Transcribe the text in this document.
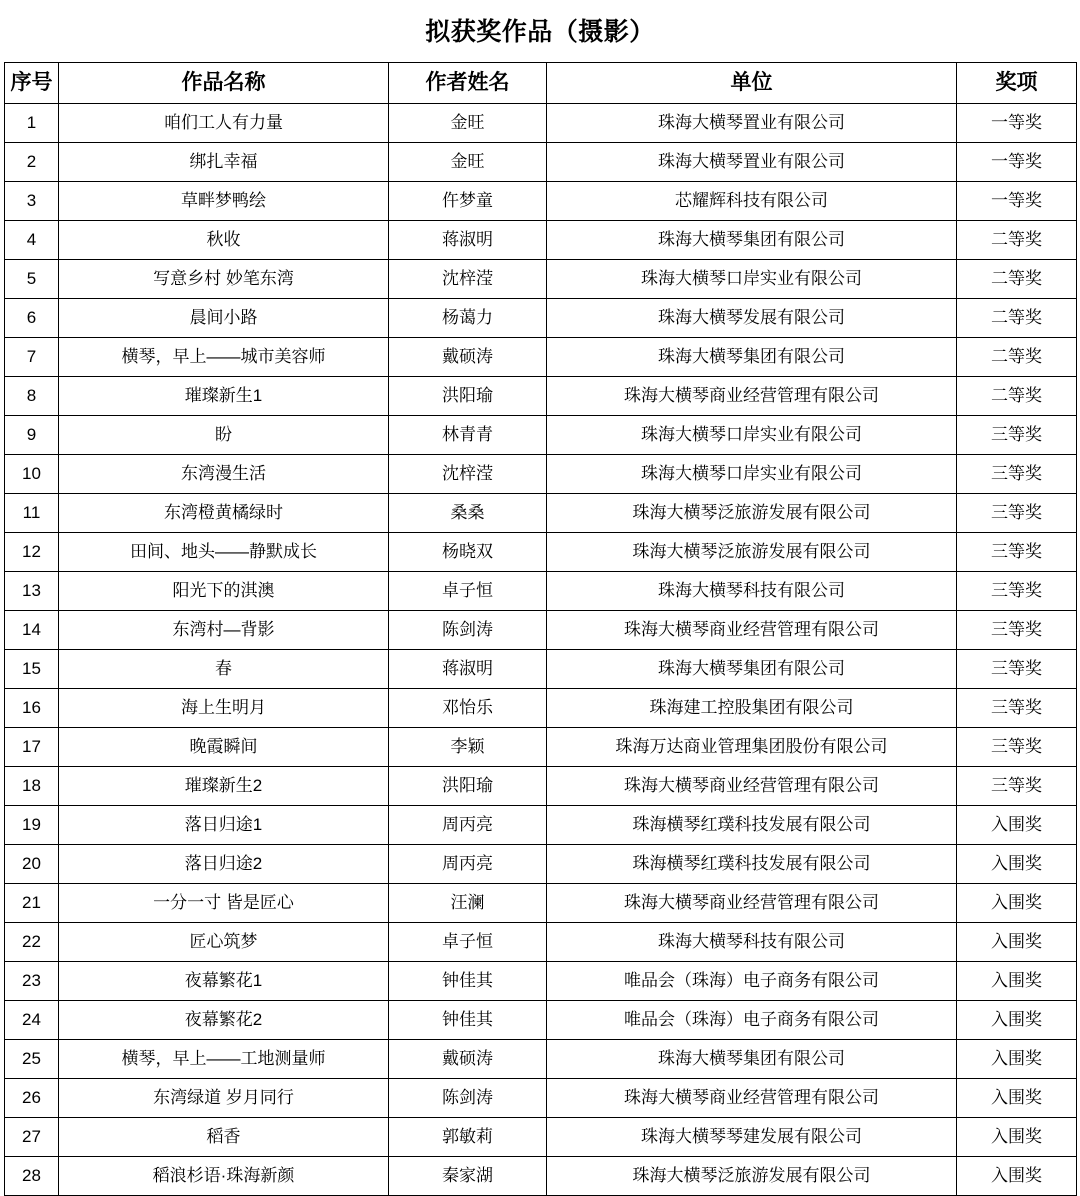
拟获奖作品（摄影）
序号	作品名称	作者姓名	单位	奖项
1	咱们工人有力量	金旺	珠海大横琴置业有限公司	一等奖
2	绑扎幸福	金旺	珠海大横琴置业有限公司	一等奖
3	草畔梦鸭绘	仵梦童	芯耀辉科技有限公司	一等奖
4	秋收	蒋淑明	珠海大横琴集团有限公司	二等奖
5	写意乡村 妙笔东湾	沈梓滢	珠海大横琴口岸实业有限公司	二等奖
6	晨间小路	杨蔼力	珠海大横琴发展有限公司	二等奖
7	横琴，早上——城市美容师	戴硕涛	珠海大横琴集团有限公司	二等奖
8	璀璨新生1	洪阳瑜	珠海大横琴商业经营管理有限公司	二等奖
9	盼	林青青	珠海大横琴口岸实业有限公司	三等奖
10	东湾漫生活	沈梓滢	珠海大横琴口岸实业有限公司	三等奖
11	东湾橙黄橘绿时	桑桑	珠海大横琴泛旅游发展有限公司	三等奖
12	田间、地头——静默成长	杨晓双	珠海大横琴泛旅游发展有限公司	三等奖
13	阳光下的淇澳	卓子恒	珠海大横琴科技有限公司	三等奖
14	东湾村—背影	陈剑涛	珠海大横琴商业经营管理有限公司	三等奖
15	春	蒋淑明	珠海大横琴集团有限公司	三等奖
16	海上生明月	邓怡乐	珠海建工控股集团有限公司	三等奖
17	晚霞瞬间	李颖	珠海万达商业管理集团股份有限公司	三等奖
18	璀璨新生2	洪阳瑜	珠海大横琴商业经营管理有限公司	三等奖
19	落日归途1	周丙亮	珠海横琴红璞科技发展有限公司	入围奖
20	落日归途2	周丙亮	珠海横琴红璞科技发展有限公司	入围奖
21	一分一寸 皆是匠心	汪澜	珠海大横琴商业经营管理有限公司	入围奖
22	匠心筑梦	卓子恒	珠海大横琴科技有限公司	入围奖
23	夜幕繁花1	钟佳其	唯品会（珠海）电子商务有限公司	入围奖
24	夜幕繁花2	钟佳其	唯品会（珠海）电子商务有限公司	入围奖
25	横琴，早上——工地测量师	戴硕涛	珠海大横琴集团有限公司	入围奖
26	东湾绿道 岁月同行	陈剑涛	珠海大横琴商业经营管理有限公司	入围奖
27	稻香	郭敏莉	珠海大横琴琴建发展有限公司	入围奖
28	稻浪杉语·珠海新颜	秦家湖	珠海大横琴泛旅游发展有限公司	入围奖
